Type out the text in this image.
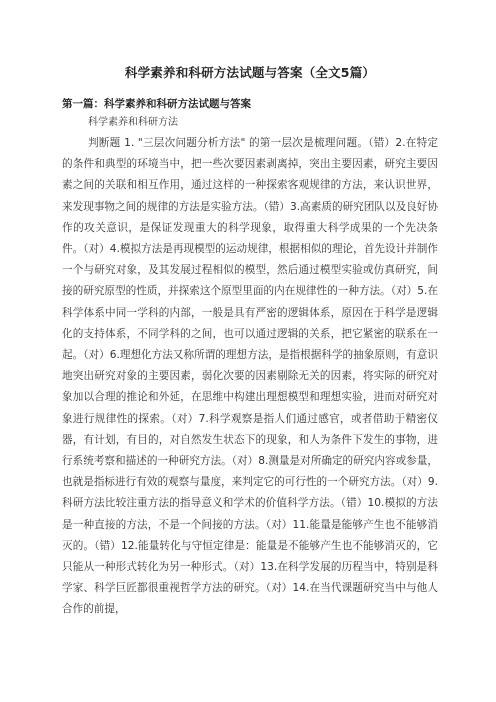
科学素养和科研方法试题与答案（全文5篇）
第一篇：科学素养和科研方法试题与答案
科学素养和科研方法

判断题 1. "三层次问题分析方法" 的第一层次是梳理问题。（错）2.在特定的条件和典型的环境当中，把一些次要因素剥离掉，突出主要因素，研究主要因素之间的关联和相互作用，通过这样的一种探索客观规律的方法，来认识世界，来发现事物之间的规律的方法是实验方法。（错）3.高素质的研究团队以及良好协作的攻关意识，是保证发现重大的科学现象，取得重大科学成果的一个先决条件。（对）4.模拟方法是再现模型的运动规律，根据相似的理论，首先设计并制作一个与研究对象，及其发展过程相似的模型，然后通过模型实验或仿真研究，间接的研究原型的性质，并探索这个原型里面的内在规律性的一种方法。（对）5.在科学体系中同一学科的内部，一般是具有严密的逻辑体系，原因在于科学是逻辑化的支持体系，不同学科的之间，也可以通过逻辑的关系，把它紧密的联系在一起。（对）6.理想化方法又称所谓的理想方法，是指根据科学的抽象原则，有意识地突出研究对象的主要因素，弱化次要的因素剔除无关的因素，将实际的研究对象加以合理的推论和外延，在思维中构建出理想模型和理想实验，进而对研究对象进行规律性的探索。（对）7.科学观察是指人们通过感官，或者借助于精密仪器，有计划，有目的，对自然发生状态下的现象，和人为条件下发生的事物，进行系统考察和描述的一种研究方法。（对）8.测量是对所确定的研究内容或参量，也就是指标进行有效的观察与量度，来判定它的可行性的一个研究方法。（对）9.科研方法比较注重方法的指导意义和学术的价值科学方法。（错）10.模拟的方法是一种直接的方法，不是一个间接的方法。（对）11.能量是能够产生也不能够消灭的。（错）12.能量转化与守恒定律是：能量是不能够产生也不能够消灭的，它只能从一种形式转化为另一种形式。（对）13.在科学发展的历程当中，特别是科学家、科学巨匠都很重视哲学方法的研究。（对）14.在当代课题研究当中与他人合作的前提，
